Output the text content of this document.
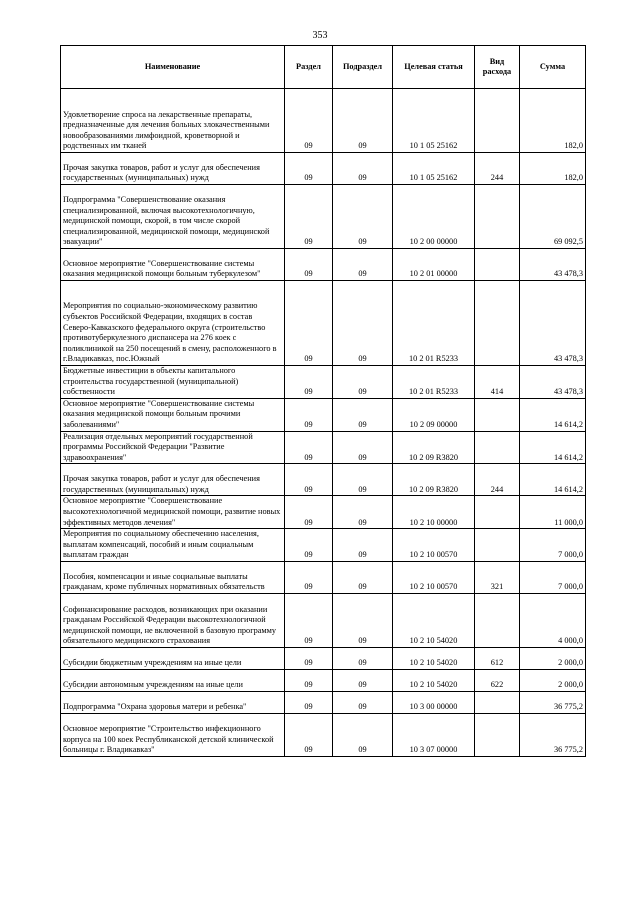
353
Наименование	Раздел	Подраздел	Целевая статья	Вид расхода	Сумма
Удовлетворение спроса на лекарственные препараты, предназначенные для лечения больных злокачественными новообразованиями лимфоидной, кроветворной и родственных им тканей	09	09	10 1 05 25162		182,0
Прочая закупка товаров, работ и услуг для обеспечения государственных (муниципальных) нужд	09	09	10 1 05 25162	244	182,0
Подпрограмма "Совершенствование оказания специализированной, включая высокотехнологичную, медицинской помощи, скорой, в том числе скорой специализированной, медицинской помощи, медицинской эвакуации"	09	09	10 2 00 00000		69 092,5
Основное мероприятие "Совершенствование системы оказания медицинской помощи больным туберкулезом"	09	09	10 2 01 00000		43 478,3
Мероприятия по социально-экономическому развитию субъектов Российской Федерации, входящих в состав Северо-Кавказского федерального округа (строительство противотуберкулезного диспансера на 276 коек с поликлиникой на 250 посещений в смену, расположенного в г.Владикавказ, пос.Южный	09	09	10 2 01 R5233		43 478,3
Бюджетные инвестиции в объекты капитального строительства государственной (муниципальной) собственности	09	09	10 2 01 R5233	414	43 478,3
Основное мероприятие "Совершенствование системы оказания медицинской помощи больным прочими заболеваниями"	09	09	10 2 09 00000		14 614,2
Реализация отдельных мероприятий государственной программы Российской Федерации "Развитие здравоохранения"	09	09	10 2 09 R3820		14 614,2
Прочая закупка товаров, работ и услуг для обеспечения государственных (муниципальных) нужд	09	09	10 2 09 R3820	244	14 614,2
Основное мероприятие "Совершенствование высокотехнологичной медицинской помощи, развитие новых эффективных методов лечения"	09	09	10 2 10 00000		11 000,0
Мероприятия по социальному обеспечению населения, выплатам компенсаций, пособий и иным социальным выплатам граждан	09	09	10 2 10 00570		7 000,0
Пособия, компенсации и иные социальные выплаты гражданам, кроме публичных нормативных обязательств	09	09	10 2 10 00570	321	7 000,0
Софинансирование расходов, возникающих при оказании гражданам Российской Федерации высокотехнологичной медицинской помощи, не включенной в базовую программу обязательного медицинского страхования	09	09	10 2 10 54020		4 000,0
Субсидии бюджетным учреждениям на иные цели	09	09	10 2 10 54020	612	2 000,0
Субсидии автономным учреждениям на иные цели	09	09	10 2 10 54020	622	2 000,0
Подпрограмма "Охрана здоровья матери и ребенка"	09	09	10 3 00 00000		36 775,2
Основное мероприятие "Строительство инфекционного корпуса на 100 коек Республиканской детской клинической больницы г. Владикавказ"	09	09	10 3 07 00000		36 775,2
